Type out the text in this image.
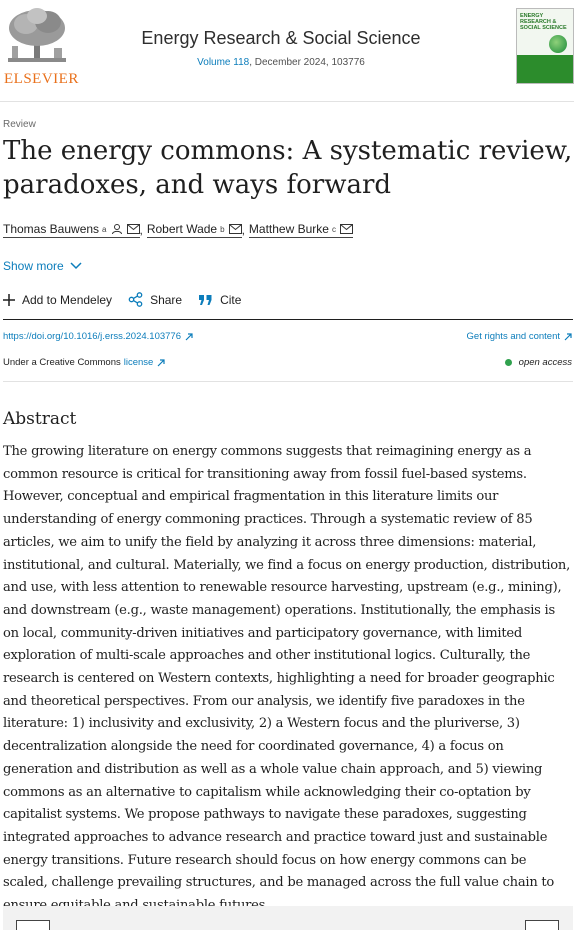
ELSEVIER
Energy Research & Social Science
Volume 118, December 2024, 103776
ENERGY RESEARCH & SOCIAL SCIENCE
Review
The energy commons: A systematic review, paradoxes, and ways forward
Thomas Bauwens a	, Robert Wade b , Matthew Burke c
Show more
Add to Mendeley	Share	Cite
https://doi.org/10.1016/j.erss.2024.103776	Get rights and content
Under a Creative Commons license	open access
Abstract

The growing literature on energy commons suggests that reimagining energy as a common resource is critical for transitioning away from fossil fuel-based systems. However, conceptual and empirical fragmentation in this literature limits our understanding of energy commoning practices. Through a systematic review of 85 articles, we aim to unify the field by analyzing it across three dimensions: material, institutional, and cultural. Materially, we find a focus on energy production, distribution, and use, with less attention to renewable resource harvesting, upstream (e.g., mining), and downstream (e.g., waste management) operations. Institutionally, the emphasis is on local, community-driven initiatives and participatory governance, with limited exploration of multi-scale approaches and other institutional logics. Culturally, the research is centered on Western contexts, highlighting a need for broader geographic and theoretical perspectives. From our analysis, we identify five paradoxes in the literature: 1) inclusivity and exclusivity, 2) a Western focus and the pluriverse, 3) decentralization alongside the need for coordinated governance, 4) a focus on generation and distribution as well as a whole value chain approach, and 5) viewing commons as an alternative to capitalism while acknowledging their co-optation by capitalist systems. We propose pathways to navigate these paradoxes, suggesting integrated approaches to advance research and practice toward just and sustainable energy transitions. Future research should focus on how energy commons can be scaled, challenge prevailing structures, and be managed across the full value chain to
